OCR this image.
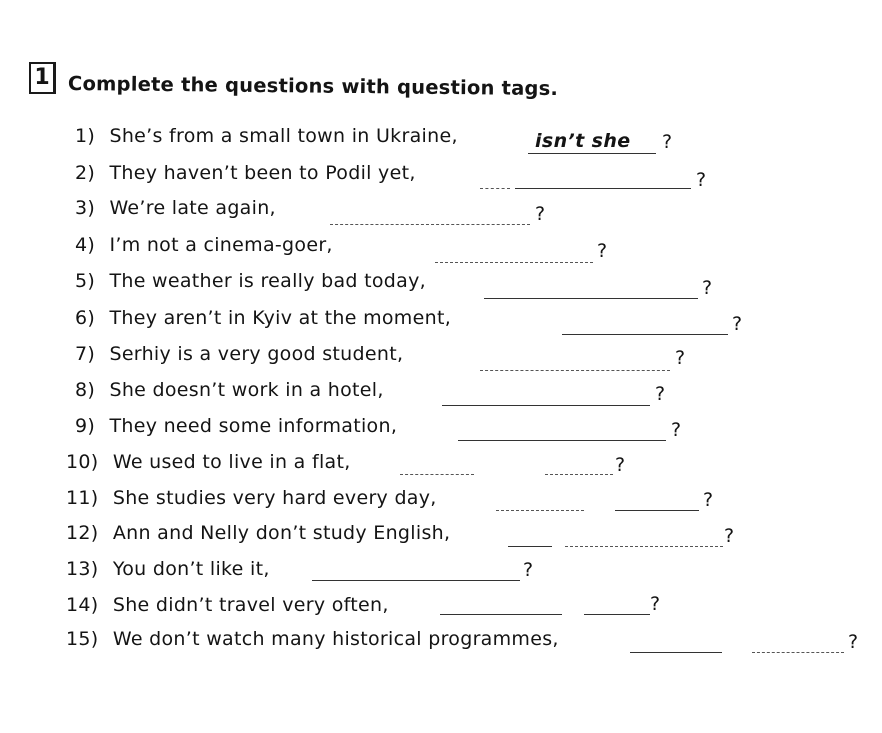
1 Complete the questions with question tags.
1) She’s from a small town in Ukraine,	isn’t she ?
2) They haven’t been to Podil yet,	?
3) We’re late again,	?
4) I’m not a cinema-goer,	?
5) The weather is really bad today,	?
6) They aren’t in Kyiv at the moment,	?
7) Serhiy is a very good student,	?
8) She doesn’t work in a hotel,	?
9) They need some information,	?
10) We used to live in a flat,	?
11) She studies very hard every day,	?
12) Ann and Nelly don’t study English,	?
13) You don’t like it,	?
14) She didn’t travel very often,	?
15) We don’t watch many historical programmes,	?
